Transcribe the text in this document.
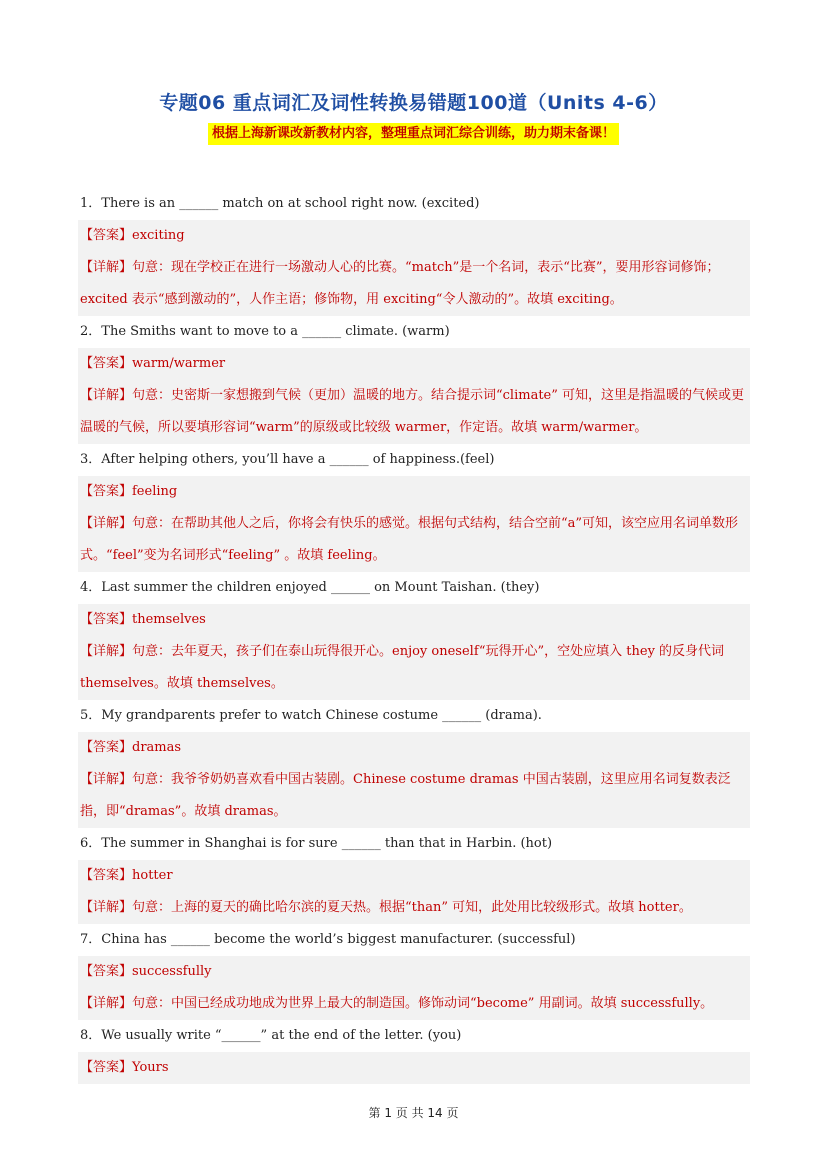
专题06 重点词汇及词性转换易错题100道（Units 4-6）
根据上海新课改新教材内容，整理重点词汇综合训练，助力期末备课！
1．There is an ______ match on at school right now. (excited)
【答案】exciting
【详解】句意：现在学校正在进行一场激动人心的比赛。“match”是一个名词，表示“比赛”，要用形容词修饰；excited 表示“感到激动的”，人作主语；修饰物，用 exciting“令人激动的”。故填 exciting。
2．The Smiths want to move to a ______ climate. (warm)
【答案】warm/warmer
【详解】句意：史密斯一家想搬到气候（更加）温暖的地方。结合提示词“climate” 可知，这里是指温暖的气候或更温暖的气候，所以要填形容词“warm”的原级或比较级 warmer，作定语。故填 warm/warmer。
3．After helping others, you’ll have a ______ of happiness.(feel)
【答案】feeling
【详解】句意：在帮助其他人之后，你将会有快乐的感觉。根据句式结构，结合空前“a”可知，该空应用名词单数形式。“feel”变为名词形式“feeling” 。故填 feeling。
4．Last summer the children enjoyed ______ on Mount Taishan. (they)
【答案】themselves
【详解】句意：去年夏天，孩子们在泰山玩得很开心。enjoy oneself“玩得开心”，空处应填入 they 的反身代词 themselves。故填 themselves。
5．My grandparents prefer to watch Chinese costume ______ (drama).
【答案】dramas
【详解】句意：我爷爷奶奶喜欢看中国古装剧。Chinese costume dramas 中国古装剧，这里应用名词复数表泛指，即“dramas”。故填 dramas。
6．The summer in Shanghai is for sure ______ than that in Harbin. (hot)
【答案】hotter
【详解】句意：上海的夏天的确比哈尔滨的夏天热。根据“than” 可知，此处用比较级形式。故填 hotter。
7．China has ______ become the world’s biggest manufacturer. (successful)
【答案】successfully
【详解】句意：中国已经成功地成为世界上最大的制造国。修饰动词“become” 用副词。故填 successfully。
8．We usually write “______” at the end of the letter. (you)
【答案】Yours
第 1 页 共 14 页
